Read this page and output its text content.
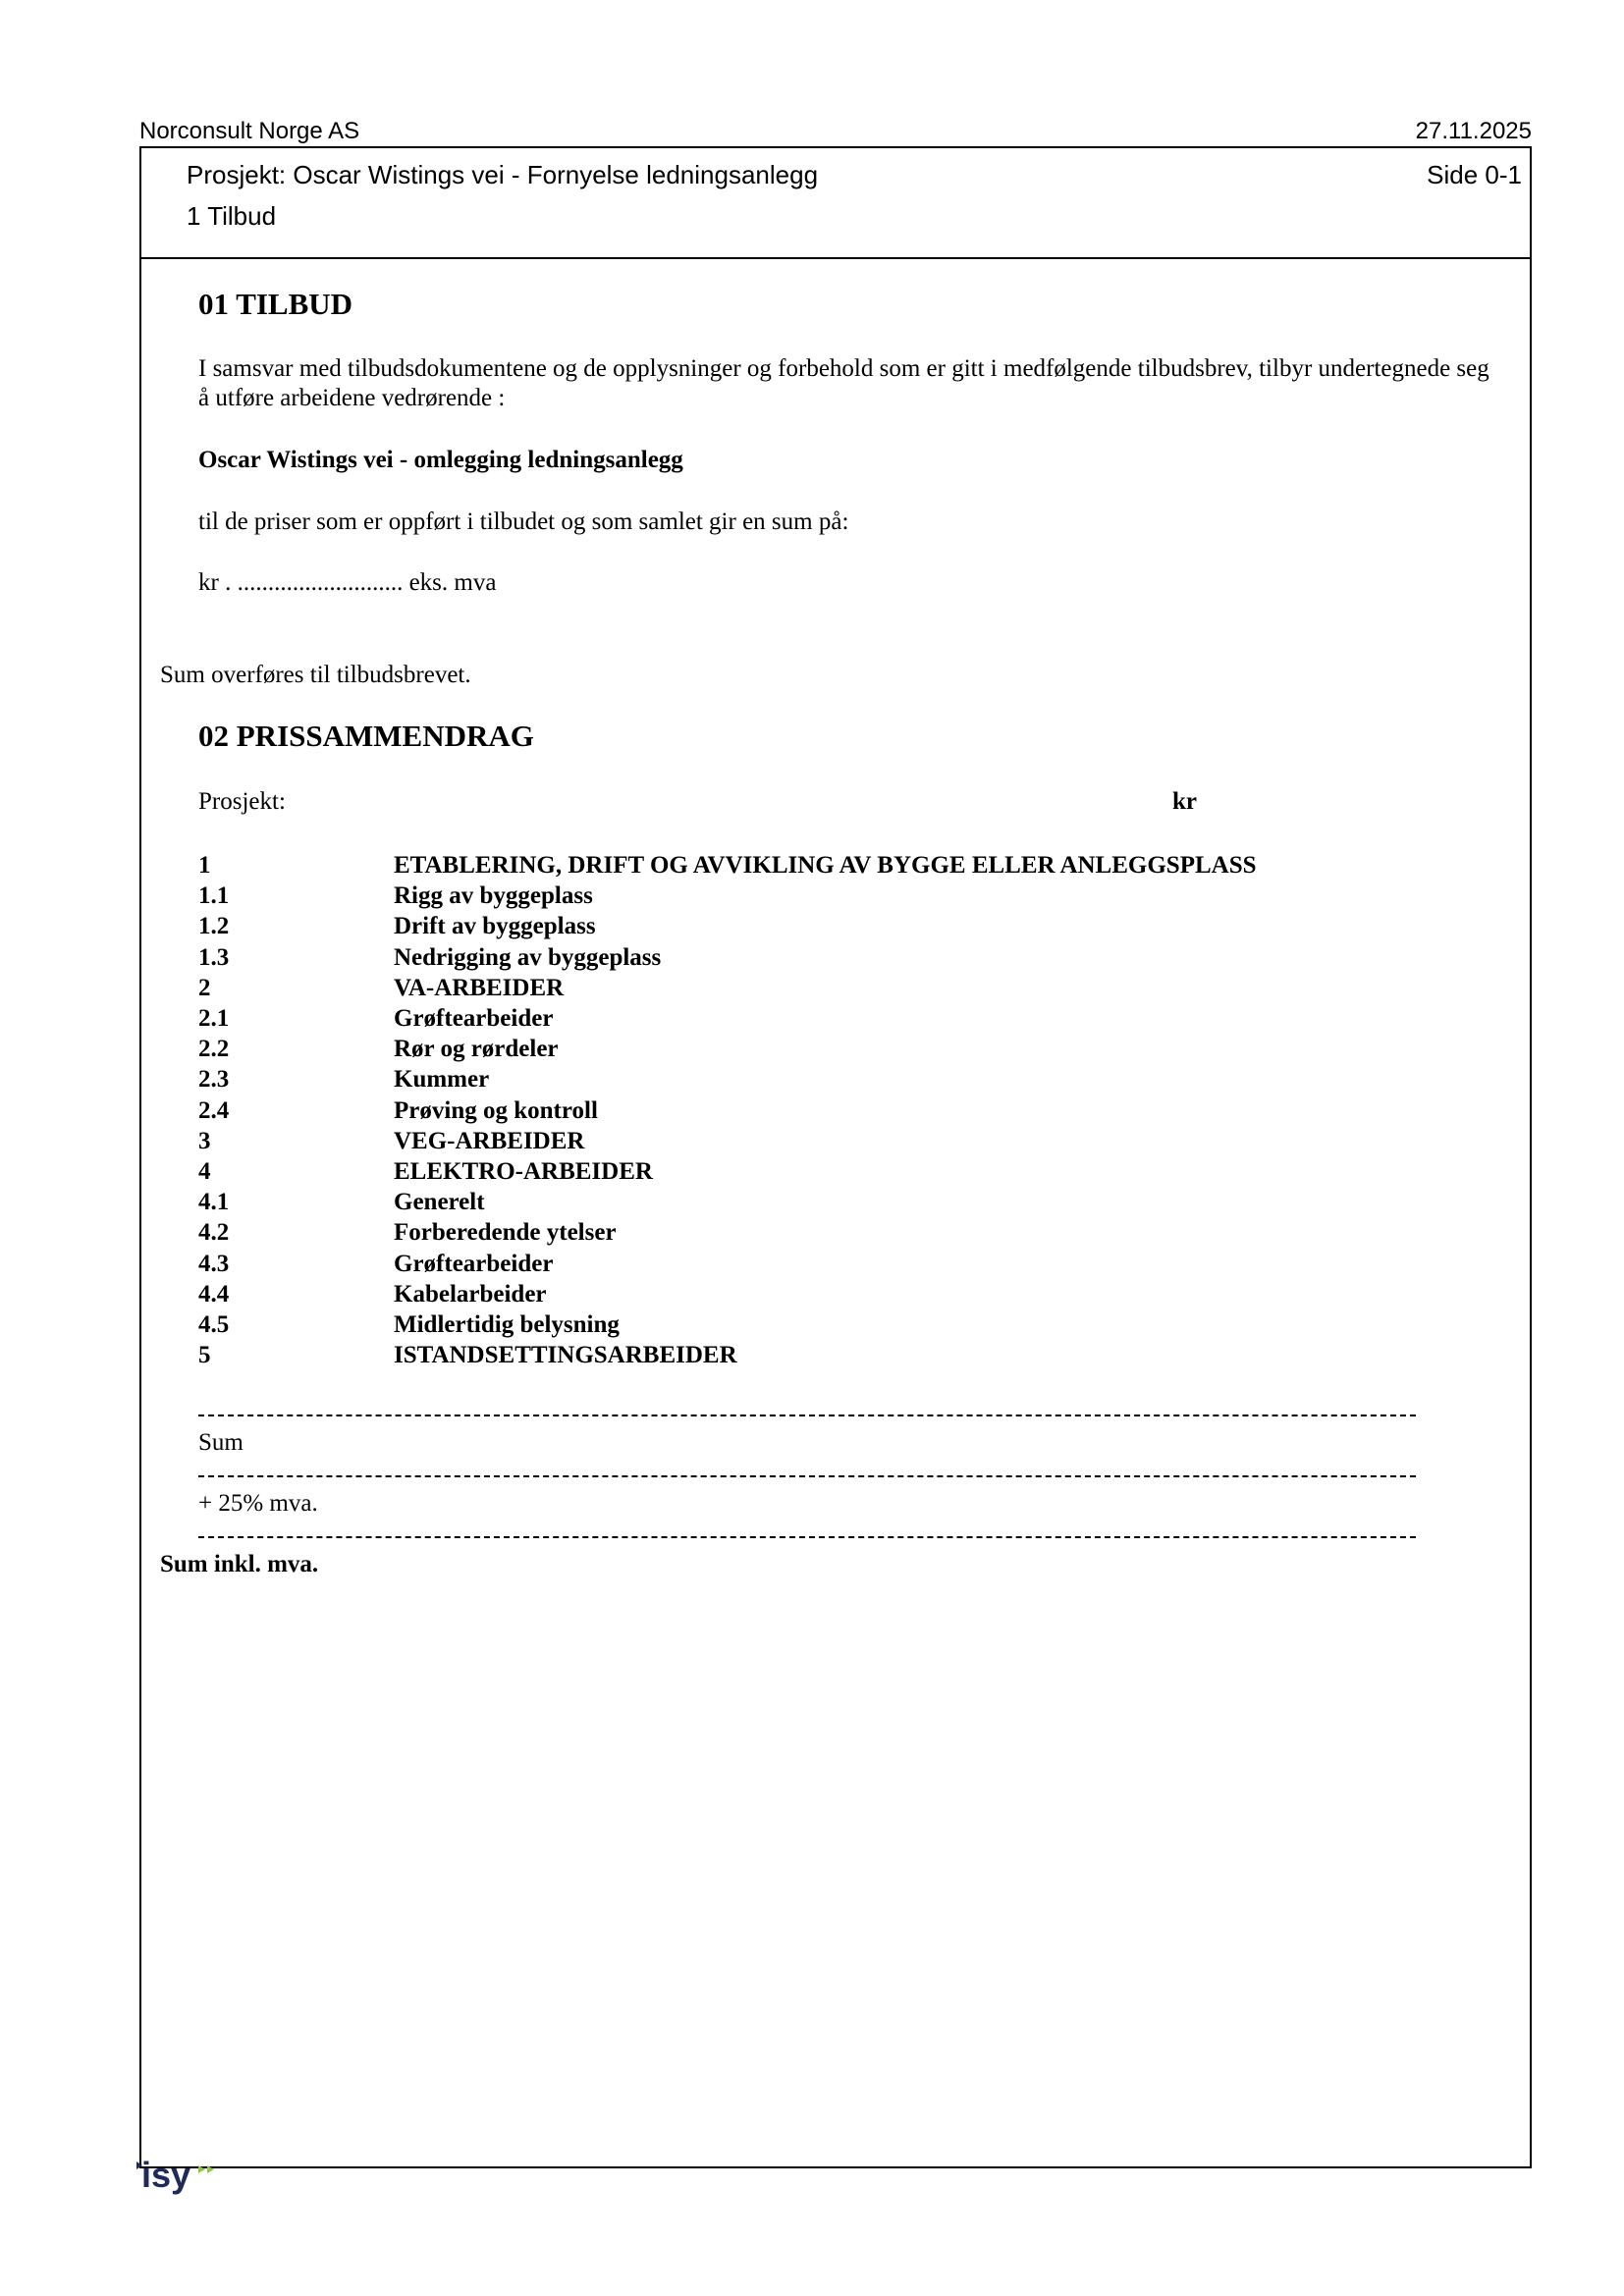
Norconsult Norge AS	27.11.2025
Prosjekt: Oscar Wistings vei - Fornyelse ledningsanlegg	Side 0-1
1 Tilbud
01 TILBUD
I samsvar med tilbudsdokumentene og de opplysninger og forbehold som er gitt i medfølgende tilbudsbrev, tilbyr undertegnede seg å utføre arbeidene vedrørende :
Oscar Wistings vei - omlegging ledningsanlegg
til de priser som er oppført i tilbudet og som samlet gir en sum på:
kr . ........................... eks. mva
Sum overføres til tilbudsbrevet.
02 PRISSAMMENDRAG
Prosjekt:	kr
1	ETABLERING, DRIFT OG AVVIKLING AV BYGGE ELLER ANLEGGSPLASS
1.1	Rigg av byggeplass
1.2	Drift av byggeplass
1.3	Nedrigging av byggeplass
2	VA-ARBEIDER
2.1	Grøftearbeider
2.2	Rør og rørdeler
2.3	Kummer
2.4	Prøving og kontroll
3	VEG-ARBEIDER
4	ELEKTRO-ARBEIDER
4.1	Generelt
4.2	Forberedende ytelser
4.3	Grøftearbeider
4.4	Kabelarbeider
4.5	Midlertidig belysning
5	ISTANDSETTINGSARBEIDER
Sum
+ 25% mva.
Sum inkl. mva.
isy
